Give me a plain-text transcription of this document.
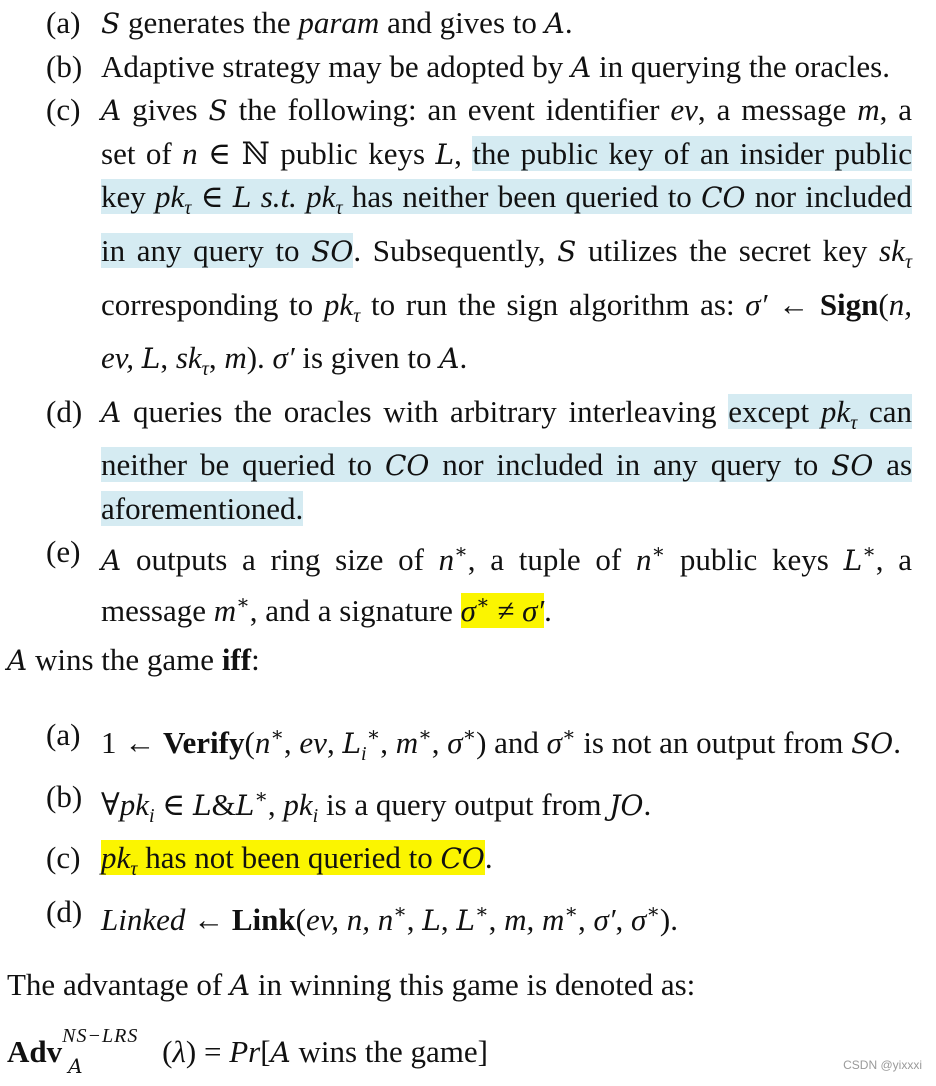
(a) S generates the param and gives to A.

(b) Adaptive strategy may be adopted by A in querying the oracles.

(c) A gives S the following: an event identifier ev, a message m, a set of n ∈ ℕ public keys L, the public key of an insider public key $pk_\tau$ ∈ L s.t. $pk_\tau$ has neither been queried to CO nor included in any query to SO. Subsequently, S utilizes the secret key $sk_\tau$ corresponding to $pk_\tau$ to run the sign algorithm as: σ′ ← Sign(n, ev, L, $sk_\tau$, m). σ′ is given to A.

(d) A queries the oracles with arbitrary interleaving except $pk_\tau$ can neither be queried to CO nor included in any query to SO as aforementioned.

(e) A outputs a ring size of n∗, a tuple of n∗ public keys L∗, a message m∗, and a signature σ∗ ≠ σ′.

A wins the game iff:
(a) 1 ← Verify(n∗, ev, $L_i^∗$, m∗, σ∗) and σ∗ is not an output from SO.

(b) $\forall pk_i$ ∈ L&L∗, $pk_i$ is a query output from JO.

(c) $pk_\tau$ has not been queried to CO.

(d) Linked ← Link(ev, n, n∗, L, L∗, m, m∗, σ′, σ∗).

The advantage of A in winning this game is denoted as:
Adv NS−LRS
A	(λ) = Pr[A wins the game]	CSDN @yixxxi
